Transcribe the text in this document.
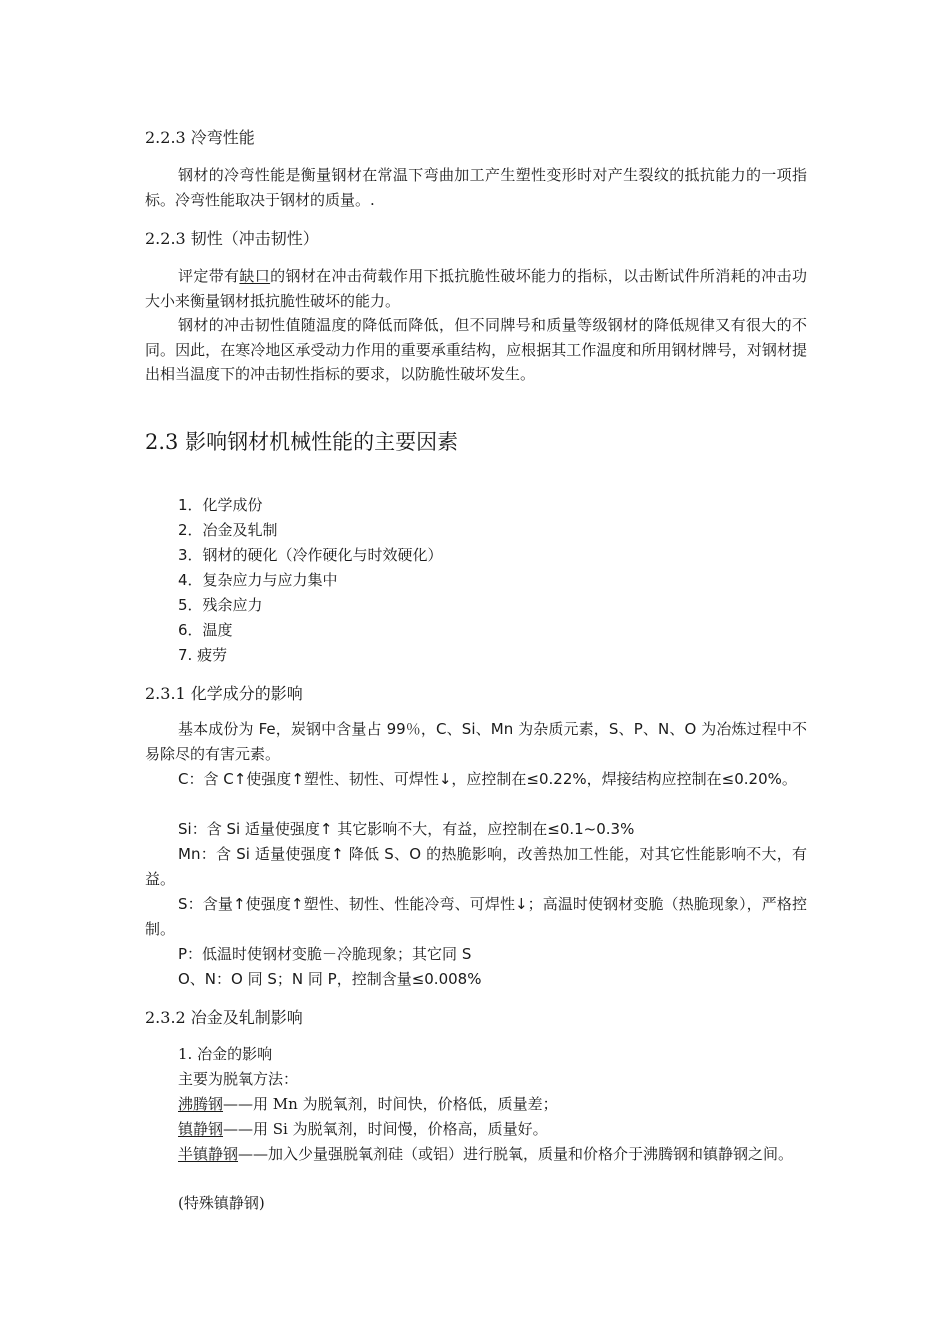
2.2.3 冷弯性能
钢材的冷弯性能是衡量钢材在常温下弯曲加工产生塑性变形时对产生裂纹的抵抗能力的一项指标。冷弯性能取决于钢材的质量。.
2.2.3 韧性（冲击韧性）
评定带有缺口的钢材在冲击荷载作用下抵抗脆性破坏能力的指标，以击断试件所消耗的冲击功大小来衡量钢材抵抗脆性破坏的能力。
钢材的冲击韧性值随温度的降低而降低，但不同牌号和质量等级钢材的降低规律又有很大的不同。因此，在寒冷地区承受动力作用的重要承重结构，应根据其工作温度和所用钢材牌号，对钢材提出相当温度下的冲击韧性指标的要求，以防脆性破坏发生。
2.3 影响钢材机械性能的主要因素
1．化学成份
2．冶金及轧制
3．钢材的硬化（冷作硬化与时效硬化）
4．复杂应力与应力集中
5．残余应力
6．温度
7. 疲劳
2.3.1 化学成分的影响
基本成份为 Fe，炭钢中含量占 99％，C、Si、Mn 为杂质元素，S、P、N、O 为冶炼过程中不易除尽的有害元素。
C：含 C↑使强度↑塑性、韧性、可焊性↓，应控制在≤0.22%，焊接结构应控制在≤0.20%。
Si：含 Si 适量使强度↑ 其它影响不大，有益，应控制在≤0.1~0.3%
Mn：含 Si 适量使强度↑ 降低 S、O 的热脆影响，改善热加工性能，对其它性能影响不大，有益。
S：含量↑使强度↑塑性、韧性、性能冷弯、可焊性↓；高温时使钢材变脆（热脆现象），严格控制。
P：低温时使钢材变脆－冷脆现象；其它同 S
O、N：O 同 S；N 同 P，控制含量≤0.008%
2.3.2 冶金及轧制影响
1. 冶金的影响
主要为脱氧方法：
沸腾钢——用 Mn 为脱氧剂，时间快，价格低，质量差；
镇静钢——用 Si 为脱氧剂，时间慢，价格高，质量好。
半镇静钢——加入少量强脱氧剂硅（或铝）进行脱氧，质量和价格介于沸腾钢和镇静钢之间。
(特殊镇静钢)
